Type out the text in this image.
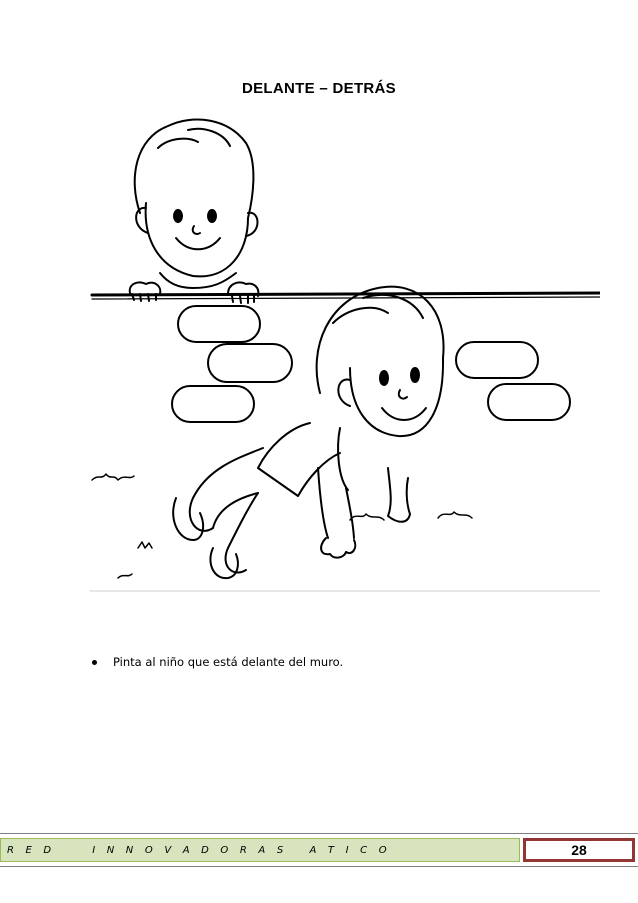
DELANTE – DETRÁS
Pinta al niño que está delante del muro.
R E D     I N N O V A D O R A S   A T I C O	28
